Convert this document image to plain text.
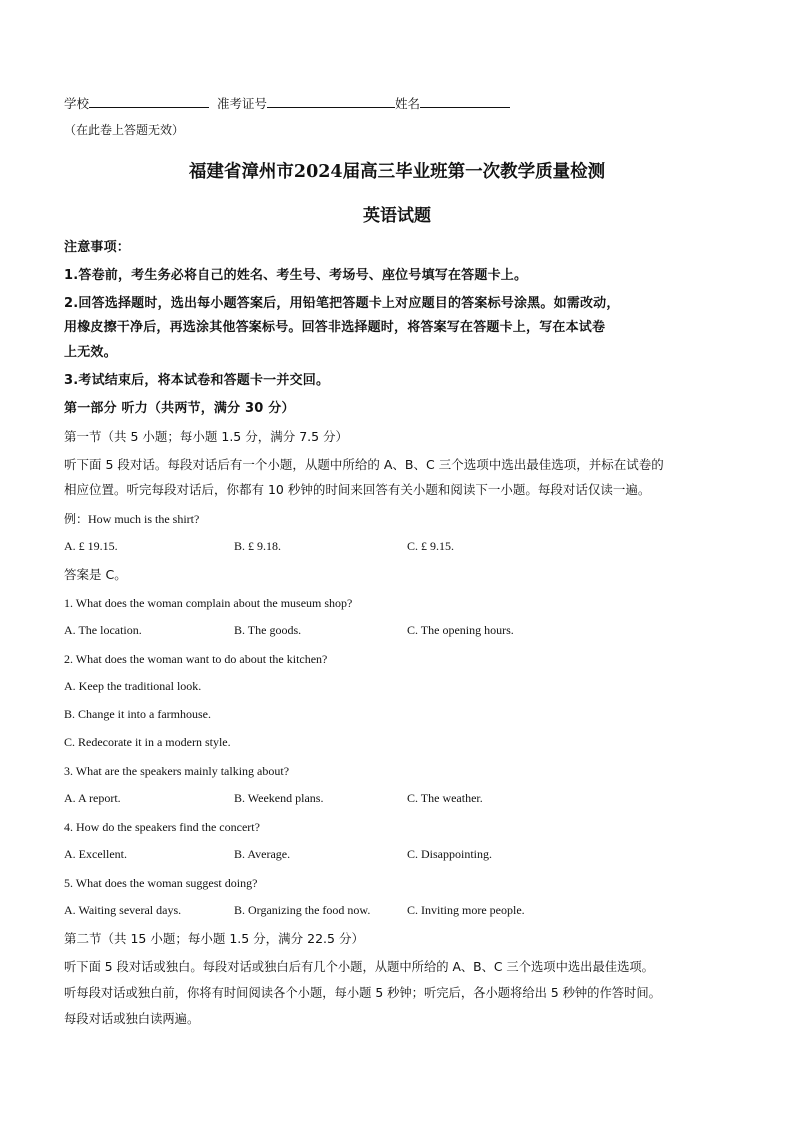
学校	准考证号	姓名
（在此卷上答题无效）
福建省漳州市2024届高三毕业班第一次教学质量检测
英语试题
注意事项：
1.答卷前，考生务必将自己的姓名、考生号、考场号、座位号填写在答题卡上。
2.回答选择题时，选出每小题答案后，用铅笔把答题卡上对应题目的答案标号涂黑。如需改动，
用橡皮擦干净后，再选涂其他答案标号。回答非选择题时，将答案写在答题卡上，写在本试卷
上无效。
3.考试结束后，将本试卷和答题卡一并交回。
第一部分 听力（共两节，满分 30 分）
第一节（共 5 小题；每小题 1.5 分，满分 7.5 分）
听下面 5 段对话。每段对话后有一个小题，从题中所给的 A、B、C 三个选项中选出最佳选项，并标在试卷的
相应位置。听完每段对话后，你都有 10 秒钟的时间来回答有关小题和阅读下一小题。每段对话仅读一遍。
例：How much is the shirt?
A. £ 19.15.	B. £ 9.18.	C. £ 9.15.
答案是 C。
1. What does the woman complain about the museum shop?
A. The location.	B. The goods.	C. The opening hours.
2. What does the woman want to do about the kitchen?
A. Keep the traditional look.
B. Change it into a farmhouse.
C. Redecorate it in a modern style.
3. What are the speakers mainly talking about?
A. A report.	B. Weekend plans.	C. The weather.
4. How do the speakers find the concert?
A. Excellent.	B. Average.	C. Disappointing.
5. What does the woman suggest doing?
A. Waiting several days.	B. Organizing the food now.	C. Inviting more people.
第二节（共 15 小题；每小题 1.5 分，满分 22.5 分）
听下面 5 段对话或独白。每段对话或独白后有几个小题，从题中所给的 A、B、C 三个选项中选出最佳选项。
听每段对话或独白前，你将有时间阅读各个小题，每小题 5 秒钟；听完后，各小题将给出 5 秒钟的作答时间。
每段对话或独白读两遍。
